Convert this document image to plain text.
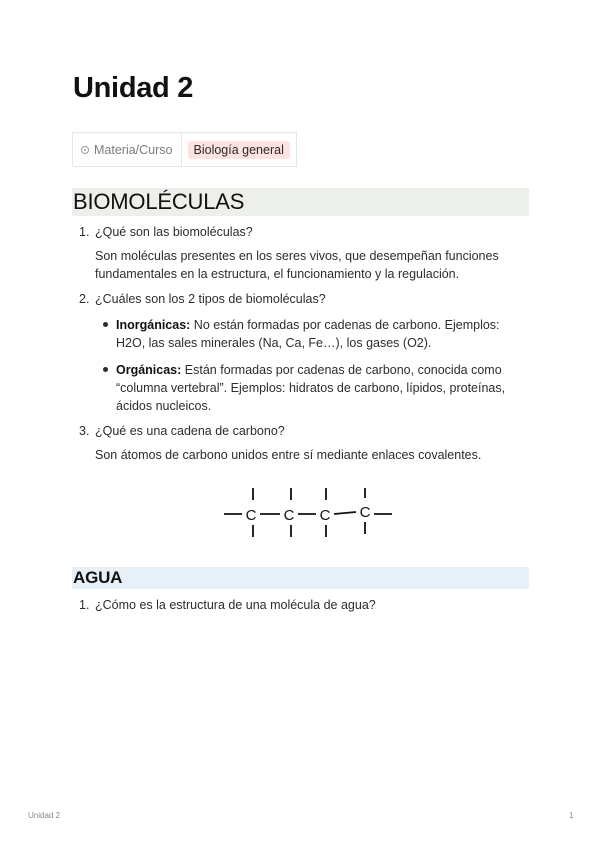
Unidad 2
Materia/Curso	Biología general
BIOMOLÉCULAS
1. ¿Qué son las biomoléculas?
Son moléculas presentes en los seres vivos, que desempeñan funciones
fundamentales en la estructura, el funcionamiento y la regulación.
2. ¿Cuáles son los 2 tipos de biomoléculas?
Inorgánicas: No están formadas por cadenas de carbono. Ejemplos:
H2O, las sales minerales (Na, Ca, Fe…), los gases (O2).
Orgánicas: Están formadas por cadenas de carbono, conocida como
“columna vertebral”. Ejemplos: hidratos de carbono, lípidos, proteínas,
ácidos nucleicos.
3. ¿Qué es una cadena de carbono?
Son átomos de carbono unidos entre sí mediante enlaces covalentes.
C C C C
AGUA
1. ¿Cómo es la estructura de una molécula de agua?
Unidad 2	1
